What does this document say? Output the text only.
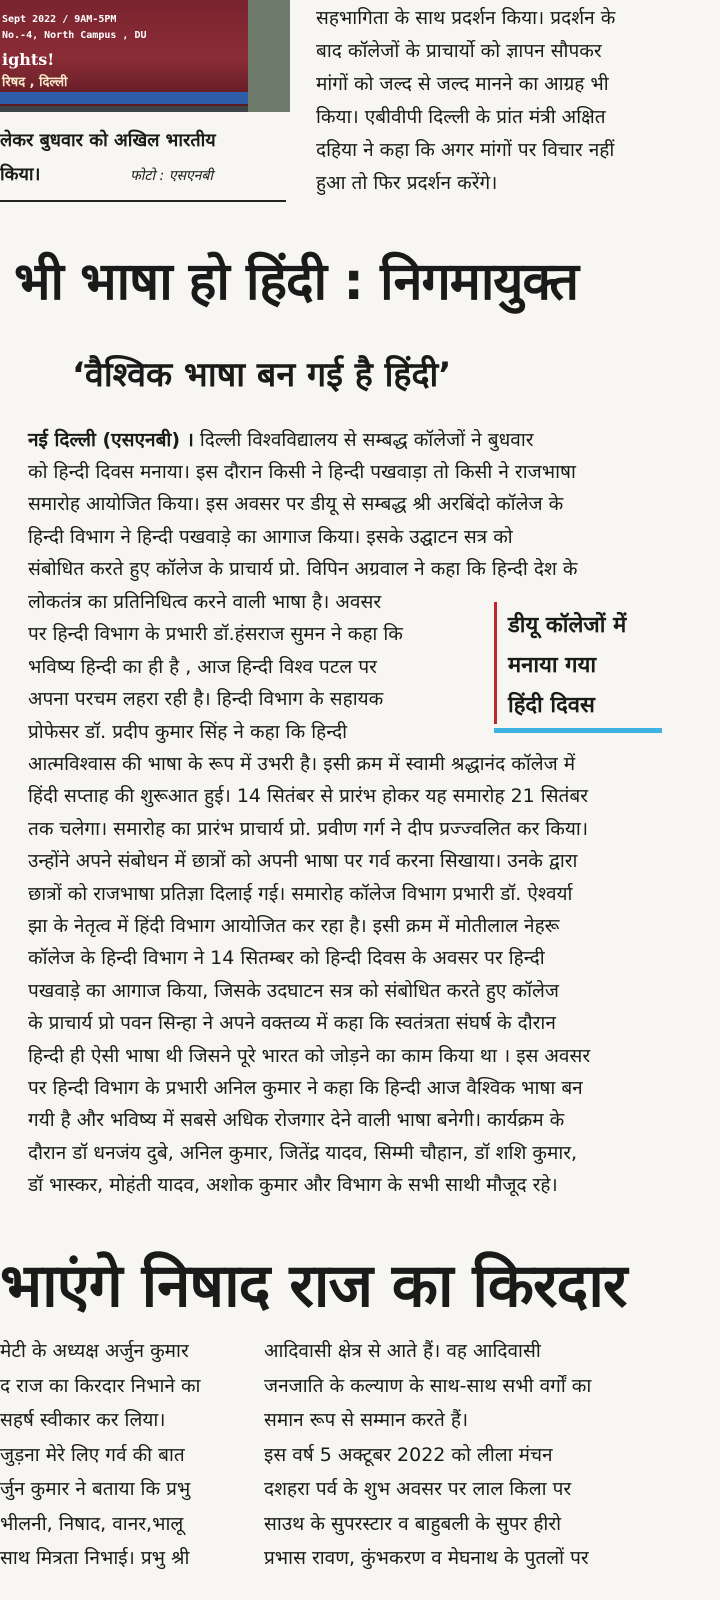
Sept 2022 / 9AM-5PM
No.-4, North Campus , DU
ights!
रिषद , दिल्ली
लेकर बुधवार को अखिल भारतीय
किया।	फोटो : एसएनबी

सहभागिता के साथ प्रदर्शन किया। प्रदर्शन के

बाद कॉलेजों के प्राचार्यो को ज्ञापन सौपकर

मांगों को जल्द से जल्द मानने का आग्रह भी

किया। एबीवीपी दिल्ली के प्रांत मंत्री अक्षित

दहिया ने कहा कि अगर मांगों पर विचार नहीं

हुआ तो फिर प्रदर्शन करेंगे।

भी भाषा हो हिंदी : निगमायुक्त
‘वैश्विक भाषा बन गई है हिंदी’
नई दिल्ली (एसएनबी) । दिल्ली विश्वविद्यालय से सम्बद्ध कॉलेजों ने बुधवार

को हिन्दी दिवस मनाया। इस दौरान किसी ने हिन्दी पखवाड़ा तो किसी ने राजभाषा

समारोह आयोजित किया। इस अवसर पर डीयू से सम्बद्ध श्री अरबिंदो कॉलेज के

हिन्दी विभाग ने हिन्दी पखवाड़े का आगाज किया। इसके उद्घाटन सत्र को

संबोधित करते हुए कॉलेज के प्राचार्य प्रो. विपिन अग्रवाल ने कहा कि हिन्दी देश के

लोकतंत्र का प्रतिनिधित्व करने वाली भाषा है। अवसर

पर हिन्दी विभाग के प्रभारी डॉ.हंसराज सुमन ने कहा कि

भविष्य हिन्दी का ही है , आज हिन्दी विश्व पटल पर

अपना परचम लहरा रही है। हिन्दी विभाग के सहायक

प्रोफेसर डॉ. प्रदीप कुमार सिंह ने कहा कि हिन्दी

डीयू कॉलेजों में
मनाया गया
हिंदी दिवस

आत्मविश्वास की भाषा के रूप में उभरी है। इसी क्रम में स्वामी श्रद्धानंद कॉलेज में

हिंदी सप्ताह की शुरूआत हुई। 14 सितंबर से प्रारंभ होकर यह समारोह 21 सितंबर

तक चलेगा। समारोह का प्रारंभ प्राचार्य प्रो. प्रवीण गर्ग ने दीप प्रज्ज्वलित कर किया।

उन्होंने अपने संबोधन में छात्रों को अपनी भाषा पर गर्व करना सिखाया। उनके द्वारा

छात्रों को राजभाषा प्रतिज्ञा दिलाई गई। समारोह कॉलेज विभाग प्रभारी डॉ. ऐश्वर्या

झा के नेतृत्व में हिंदी विभाग आयोजित कर रहा है। इसी क्रम में मोतीलाल नेहरू

कॉलेज के हिन्दी विभाग ने 14 सितम्बर को हिन्दी दिवस के अवसर पर हिन्दी

पखवाड़े का आगाज किया, जिसके उदघाटन सत्र को संबोधित करते हुए कॉलेज

के प्राचार्य प्रो पवन सिन्हा ने अपने वक्तव्य में कहा कि स्वतंत्रता संघर्ष के दौरान

हिन्दी ही ऐसी भाषा थी जिसने पूरे भारत को जोड़ने का काम किया था । इस अवसर

पर हिन्दी विभाग के प्रभारी अनिल कुमार ने कहा कि हिन्दी आज वैश्विक भाषा बन

गयी है और भविष्य में सबसे अधिक रोजगार देने वाली भाषा बनेगी। कार्यक्रम के

दौरान डॉ धनजंय दुबे, अनिल कुमार, जितेंद्र यादव, सिम्मी चौहान, डॉ शशि कुमार,

डॉ भास्कर, मोहंती यादव, अशोक कुमार और विभाग के सभी साथी मौजूद रहे।

भाएंगे निषाद राज का किरदार

मेटी के अध्यक्ष अर्जुन कुमार

द राज का किरदार निभाने का

सहर्ष स्वीकार कर लिया।

जुड़ना मेरे लिए गर्व की बात

र्जुन कुमार ने बताया कि प्रभु

भीलनी, निषाद, वानर,भालू

साथ मित्रता निभाई। प्रभु श्री

आदिवासी क्षेत्र से आते हैं। वह आदिवासी

जनजाति के कल्याण के साथ-साथ सभी वर्गों का

समान रूप से सम्मान करते हैं।

इस वर्ष 5 अक्टूबर 2022 को लीला मंचन

दशहरा पर्व के शुभ अवसर पर लाल किला पर

साउथ के सुपरस्टार व बाहुबली के सुपर हीरो

प्रभास रावण, कुंभकरण व मेघनाथ के पुतलों पर
